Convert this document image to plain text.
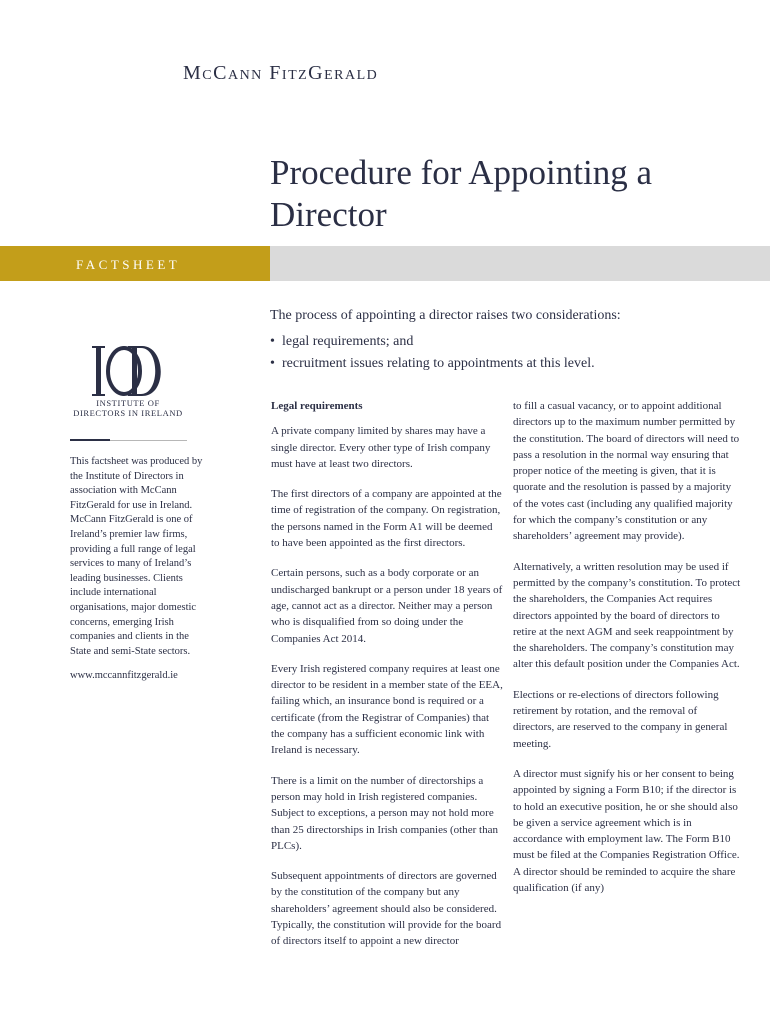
McCann FitzGerald
Procedure for Appointing a Director
FACTSHEET

The process of appointing a director raises two considerations:

• legal requirements; and
• recruitment issues relating to appointments at this level.
INSTITUTE OF DIRECTORS IN IRELAND

This factsheet was produced by the Institute of Directors in association with McCann FitzGerald for use in Ireland. McCann FitzGerald is one of Ireland’s premier law firms, providing a full range of legal services to many of Ireland’s leading businesses. Clients include international organisations, major domestic concerns, emerging Irish companies and clients in the State and semi-State sectors.

www.mccannfitzgerald.ie

Legal requirements

A private company limited by shares may have a single director. Every other type of Irish company must have at least two directors.

The first directors of a company are appointed at the time of registration of the company. On registration, the persons named in the Form A1 will be deemed to have been appointed as the first directors.

Certain persons, such as a body corporate or an undischarged bankrupt or a person under 18 years of age, cannot act as a director. Neither may a person who is disqualified from so doing under the Companies Act 2014.

Every Irish registered company requires at least one director to be resident in a member state of the EEA, failing which, an insurance bond is required or a certificate (from the Registrar of Companies) that the company has a sufficient economic link with Ireland is necessary.

There is a limit on the number of directorships a person may hold in Irish registered companies. Subject to exceptions, a person may not hold more than 25 directorships in Irish companies (other than PLCs).

Subsequent appointments of directors are governed by the constitution of the company but any shareholders’ agreement should also be considered. Typically, the constitution will provide for the board of directors itself to appoint a new director

to fill a casual vacancy, or to appoint additional directors up to the maximum number permitted by the constitution. The board of directors will need to pass a resolution in the normal way ensuring that proper notice of the meeting is given, that it is quorate and the resolution is passed by a majority of the votes cast (including any qualified majority for which the company’s constitution or any shareholders’ agreement may provide).

Alternatively, a written resolution may be used if permitted by the company’s constitution. To protect the shareholders, the Companies Act requires directors appointed by the board of directors to retire at the next AGM and seek reappointment by the shareholders. The company’s constitution may alter this default position under the Companies Act.

Elections or re-elections of directors following retirement by rotation, and the removal of directors, are reserved to the company in general meeting.

A director must signify his or her consent to being appointed by signing a Form B10; if the director is to hold an executive position, he or she should also be given a service agreement which is in accordance with employment law. The Form B10 must be filed at the Companies Registration Office. A director should be reminded to acquire the share qualification (if any)
